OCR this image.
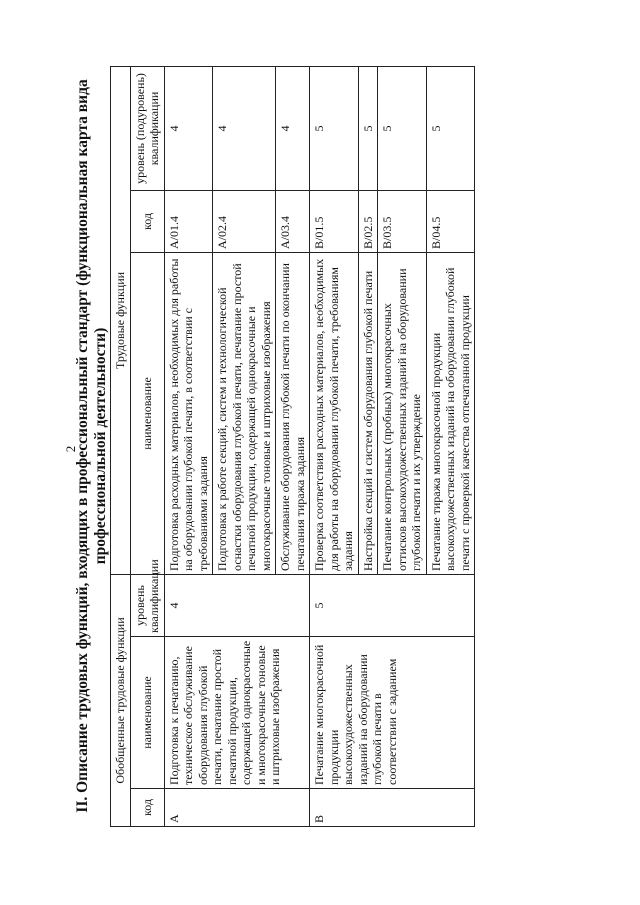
2
II. Описание трудовых функций, входящих в профессиональный стандарт (функциональная карта вида профессиональной деятельности)
Обобщенные трудовые функции			Трудовые функции		
код	наименование	уровень квалификации	наименование	код	уровень (подуровень) квалификации
A	Подготовка к печатанию, техническое обслуживание оборудования глубокой печати, печатание простой печатной продукции, содержащей однокрасочные и многокрасочные тоновые и штриховые изображения	4	Подготовка расходных материалов, необходимых для работы на оборудовании глубокой печати, в соответствии с требованиями задания	A/01.4	4
			Подготовка к работе секций, систем и технологической оснастки оборудования глубокой печати, печатание простой печатной продукции, содержащей однокрасочные и многокрасочные тоновые и штриховые изображения	A/02.4	4
			Обслуживание оборудования глубокой печати по окончании печатания тиража задания	A/03.4	4
B	Печатание многокрасочной продукции высокохудожественных изданий на оборудовании глубокой печати в соответствии с заданием	5	Проверка соответствия расходных материалов, необходимых для работы на оборудовании глубокой печати, требованиям задания	B/01.5	5
			Настройка секций и систем оборудования глубокой печати	B/02.5	5
			Печатание контрольных (пробных) многокрасочных оттисков высокохудожественных изданий на оборудовании глубокой печати и их утверждение	B/03.5	5
			Печатание тиража многокрасочной продукции высокохудожественных изданий на оборудовании глубокой печати с проверкой качества отпечатанной продукции	B/04.5	5
